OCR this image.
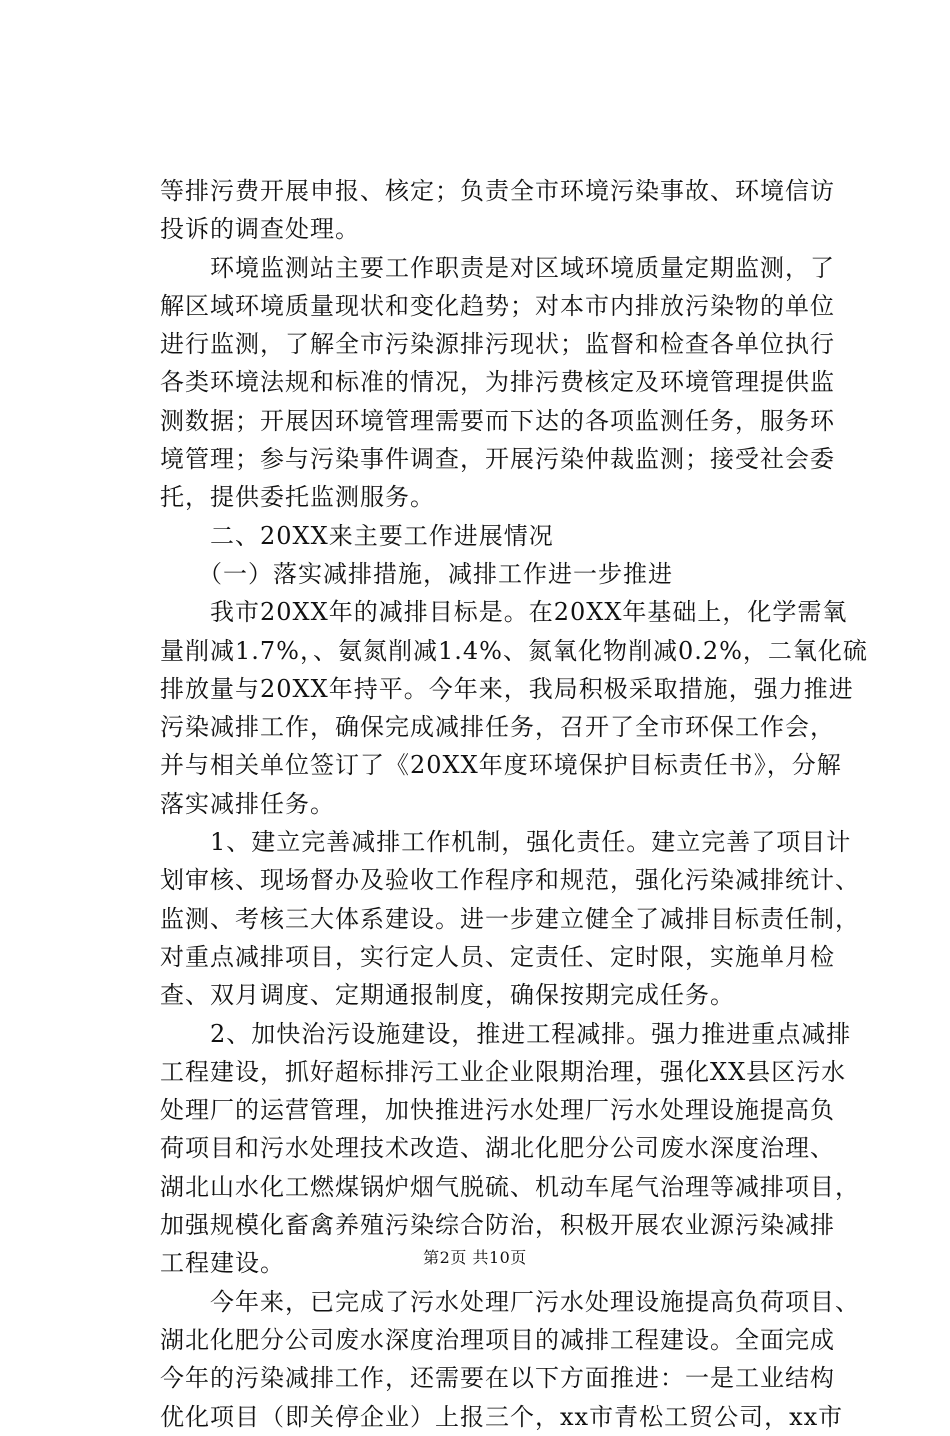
等排污费开展申报、核定；负责全市环境污染事故、环境信访
投诉的调查处理。
　　环境监测站主要工作职责是对区域环境质量定期监测，了
解区域环境质量现状和变化趋势；对本市内排放污染物的单位
进行监测，了解全市污染源排污现状；监督和检查各单位执行
各类环境法规和标准的情况，为排污费核定及环境管理提供监
测数据；开展因环境管理需要而下达的各项监测任务，服务环
境管理；参与污染事件调查，开展污染仲裁监测；接受社会委
托，提供委托监测服务。
　　二、20XX来主要工作进展情况
　　（一）落实减排措施，减排工作进一步推进
　　我市20XX年的减排目标是。在20XX年基础上，化学需氧
量削减1.7%，、氨氮削减1.4%、氮氧化物削减0.2%，二氧化硫
排放量与20XX年持平。今年来，我局积极采取措施，强力推进
污染减排工作，确保完成减排任务，召开了全市环保工作会，
并与相关单位签订了《20XX年度环境保护目标责任书》，分解
落实减排任务。
　　1、建立完善减排工作机制，强化责任。建立完善了项目计
划审核、现场督办及验收工作程序和规范，强化污染减排统计、
监测、考核三大体系建设。进一步建立健全了减排目标责任制，
对重点减排项目，实行定人员、定责任、定时限，实施单月检
查、双月调度、定期通报制度，确保按期完成任务。
　　2、加快治污设施建设，推进工程减排。强力推进重点减排
工程建设，抓好超标排污工业企业限期治理，强化XX县区污水
处理厂的运营管理，加快推进污水处理厂污水处理设施提高负
荷项目和污水处理技术改造、湖北化肥分公司废水深度治理、
湖北山水化工燃煤锅炉烟气脱硫、机动车尾气治理等减排项目，
加强规模化畜禽养殖污染综合防治，积极开展农业源污染减排
工程建设。
　　今年来，已完成了污水处理厂污水处理设施提高负荷项目、
湖北化肥分公司废水深度治理项目的减排工程建设。全面完成
今年的污染减排工作，还需要在以下方面推进：一是工业结构
优化项目（即关停企业）上报三个，xx市青松工贸公司，xx市
第2页 共10页
